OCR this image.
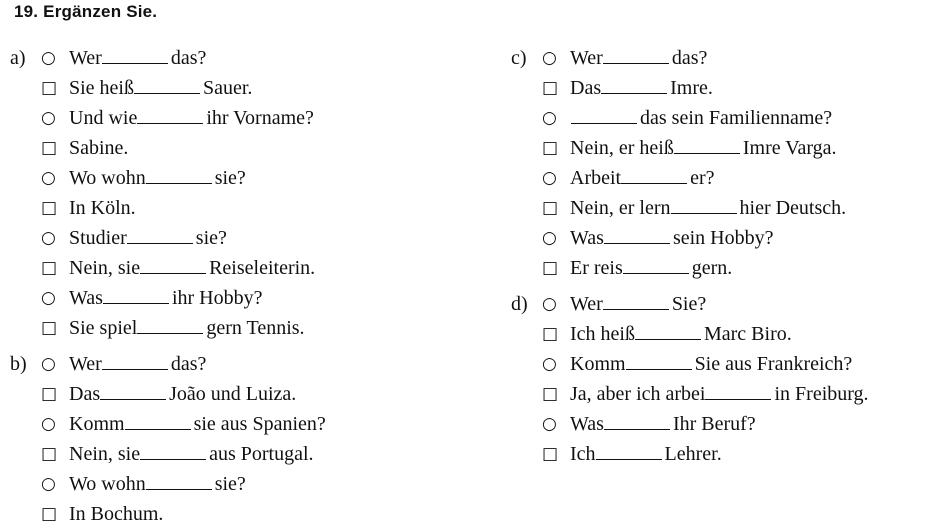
19. Ergänzen Sie.
a) ○ Wer	das?
□ Sie heiß	Sauer.
○ Und wie	ihr Vorname?
□ Sabine.
○ Wo wohn	sie?
□ In Köln.
○ Studier	sie?
□ Nein, sie	Reiseleiterin.
○ Was	ihr Hobby?
□ Sie spiel	gern Tennis.
b) ○ Wer	das?
□ Das	João und Luiza.
○ Komm	sie aus Spanien?
□ Nein, sie	aus Portugal.
○ Wo wohn	sie?
□ In Bochum.
c) ○ Wer	das?
□ Das	Imre.
○	das sein Familienname?
□ Nein, er heiß	Imre Varga.
○ Arbeit	er?
□ Nein, er lern	hier Deutsch.
○ Was	sein Hobby?
□ Er reis	gern.
d) ○ Wer	Sie?
□ Ich heiß	Marc Biro.
○ Komm	Sie aus Frankreich?
□ Ja, aber ich arbei	in Freiburg.
○ Was	Ihr Beruf?
□ Ich	Lehrer.
